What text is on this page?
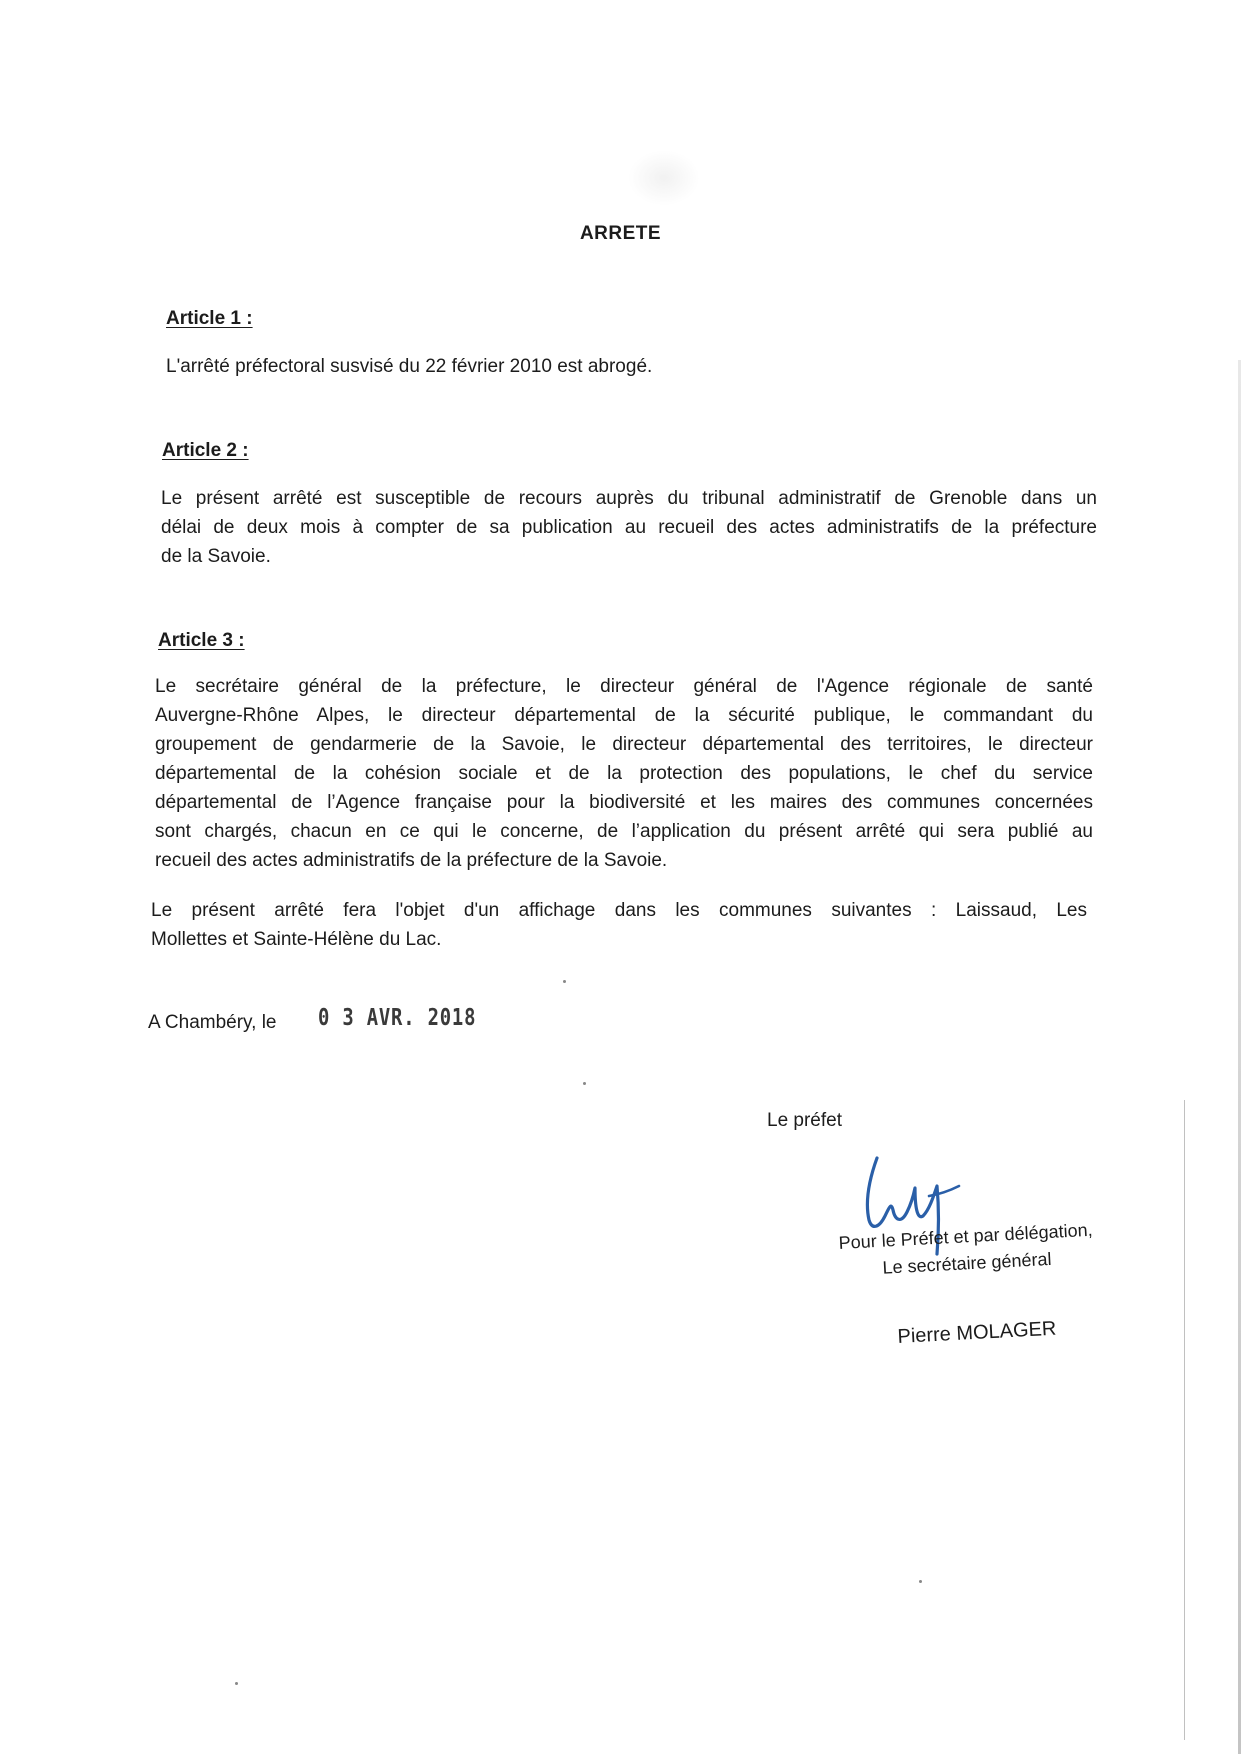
ARRETE
Article 1 :

L'arrêté préfectoral susvisé du 22 février 2010 est abrogé.

Article 2 :

Le présent arrêté est susceptible de recours auprès du tribunal administratif de Grenoble dans un
délai de deux mois à compter de sa publication au recueil des actes administratifs de la préfecture
de la Savoie.

Article 3 :

Le secrétaire général de la préfecture, le directeur général de l'Agence régionale de santé
Auvergne-Rhône Alpes, le directeur départemental de la sécurité publique, le commandant du
groupement de gendarmerie de la Savoie, le directeur départemental des territoires, le directeur
départemental de la cohésion sociale et de la protection des populations, le chef du service
départemental de l’Agence française pour la biodiversité et les maires des communes concernées
sont chargés, chacun en ce qui le concerne, de l’application du présent arrêté qui sera publié au
recueil des actes administratifs de la préfecture de la Savoie.

Le présent arrêté fera l'objet d'un affichage dans les communes suivantes : Laissaud, Les
Mollettes et Sainte-Hélène du Lac.

A Chambéry, le 0 3 AVR. 2018
Le préfet
Pour le Préfet et par délégation,
Le secrétaire général
Pierre MOLAGER
